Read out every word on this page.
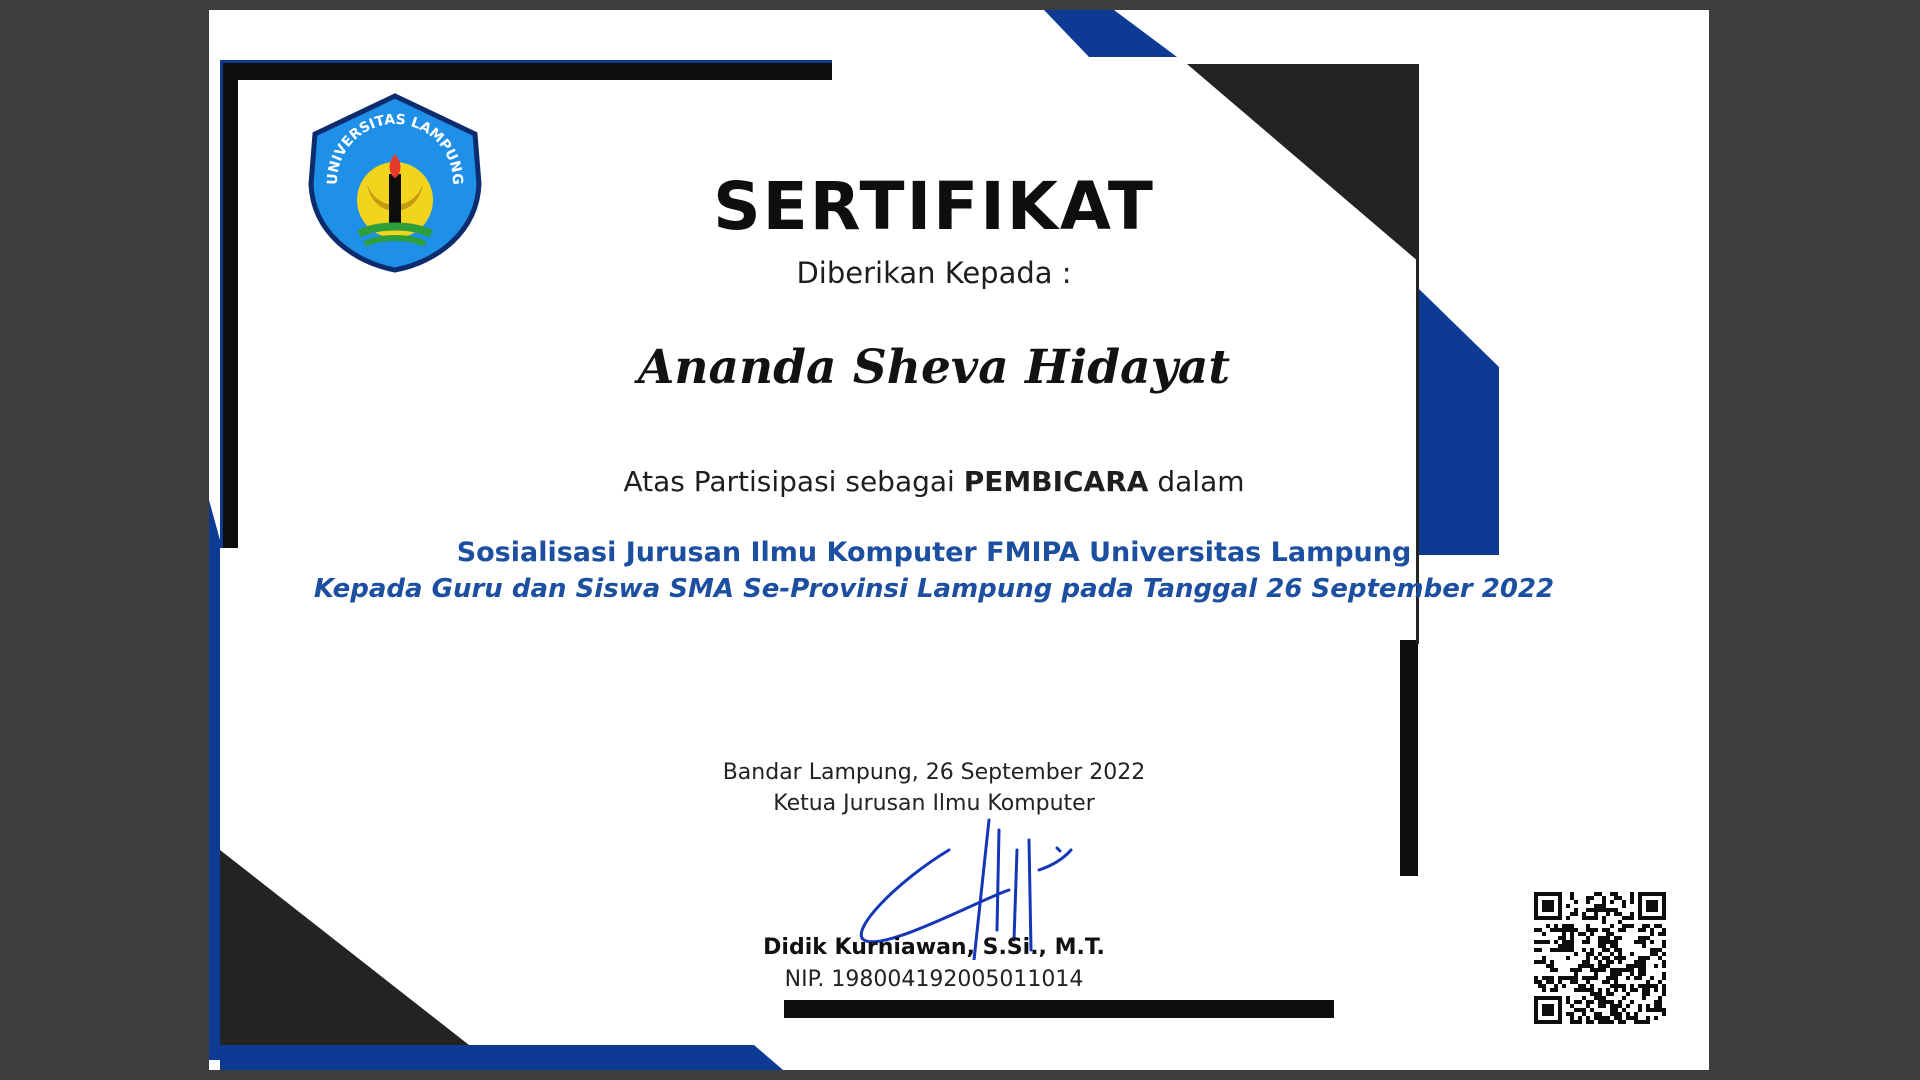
UNIVERSITAS LAMPUNG	SERTIFIKAT
Diberikan Kepada :
Ananda Sheva Hidayat
Atas Partisipasi sebagai PEMBICARA dalam
Sosialisasi Jurusan Ilmu Komputer FMIPA Universitas Lampung
Kepada Guru dan Siswa SMA Se-Provinsi Lampung pada Tanggal 26 September 2022
Bandar Lampung, 26 September 2022
Ketua Jurusan Ilmu Komputer
Didik Kurniawan, S.Si., M.T.
NIP. 198004192005011014
